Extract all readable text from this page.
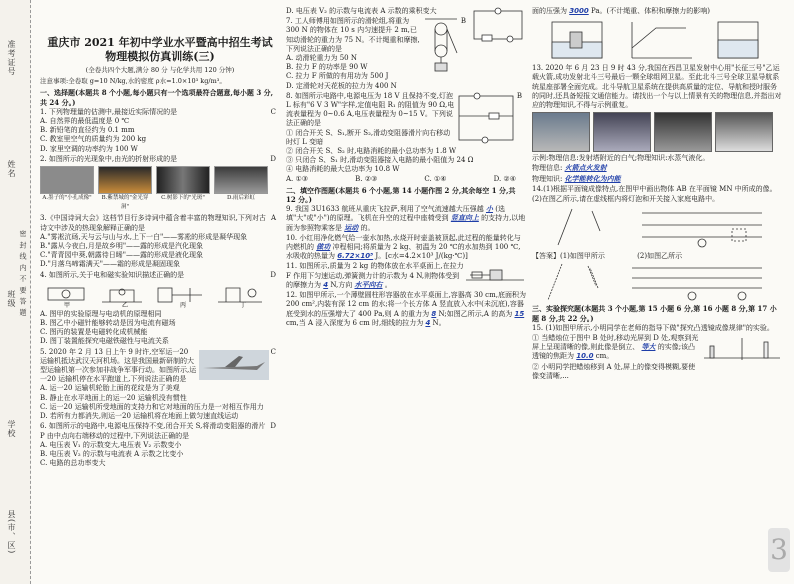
准考证号
姓名
班级
学校
县(市、区)
密 封 线 内 不 要 答 题
重庆市 2021 年初中学业水平暨高中招生考试
物理模拟仿真训练(三)
(全卷共四个大题,满分 80 分 与化学共用 120 分钟)
注意事项:全卷取 g=10 N/kg,水的密度 ρ水=1.0×10³ kg/m³。
一、选择题(本题共 8 个小题,每小题只有一个选项最符合题意,每小题 3 分,共 24 分。)
C
1. 下列物理量的估测中,最接近实际情况的是
A. 自然界的最低温度是 0 ℃
B. 新铅笔的直径约为 0.1 mm
C. 教室里空气的质量约为 200 kg
D. 家里空调的功率约为 100 W
D
2. 如图所示的光现象中,由光的折射形成的是
A.墨子的"小孔成像"	B.紫禁城的"金光穿洞"
C.树影下的"光斑"	D.雨后彩虹
A
3.《中国诗词大会》这档节目行多诗词中蕴含着丰富的物理知识,下列对古诗文中涉及的热现象解释正确的是
A."雾凇沆砀,天与云与山与水,上下一白"——雾凇的形成是凝华现象
B."露从今夜白,月是故乡明"——露的形成是汽化现象
C."青青园中葵,朝露待日晞"——露的形成是液化现象
D."月落乌啼霜满天"——霜的形成是凝固现象
D
4. 如图所示,关于电和磁实验知识描述正确的是
甲	乙	丙	丁
A. 图甲的实验原理与电动机的原理相同
B. 图乙中小磁针能够转动是因为电流有磁场
C. 图丙的装置是电磁转化成机械能
D. 图丁装置能探究电磁铁磁性与电流关系
C
5. 2020 年 2 月 13 日上午 9 时许,空军运一20 运输机抵达武汉天河机场。这是我国最新研制的大型运输机第一次参加非战争军事行动。如图所示,运一20 运输机停在水平跑道上,下列说法正确的是
A. 运一20 运输机轮胎上面的花纹是为了美观
B. 静止在水平地面上的运一20 运输机没有惯性
C. 运一20 运输机所受地面的支持力和它对地面的压力是一对相互作用力
D. 若所有力都消失,则运一20 运输机将在地面上做匀速直线运动
D
6. 如图所示的电路中,电源电压保持不变,闭合开关 S,将滑动变阻器的滑片 P 由中点向右端移动的过程中,下列说法正确的是
A. 电压表 V₁ 的示数变大,电压表 V₂ 示数变小
B. 电压表 V₂ 的示数与电流表 A 示数之比变小
C. 电路的总功率变大
D. 电压表 V₂ 的示数与电流表 A 示数的乘积变大
B
7. 工人师傅用如图所示的滑轮组,将重为 300 N 的物体在 10 s 内匀速提升 2 m,已知动滑轮的重力为 75 N。不计绳重和摩擦,下列说法正确的是
A. 动滑轮重力为 50 N
B. 拉力 F 的功率是 90 W
C. 拉力 F 所做的有用功为 500 J
D. 定滑轮对天花板的拉力为 400 N
B
8. 如图所示电路中,电源电压为 18 V 且保持不变,灯泡 L 标有"6 V 3 W"字样,定值电阻 R₁ 的阻值为 90 Ω,电流表量程为 0~0.6 A,电压表量程为 0~15 V。下列说法正确的是
① 闭合开关 S、S₁,断开 S₂,滑动变阻器滑片向右移动时灯 L 变暗
② 闭合开关 S、S₂ 时,电路消耗的最小总功率为 1.8 W
③ 只闭合 S、S₁ 时,滑动变阻器接入电路的最小阻值为 24 Ω
④ 电路消耗的最大总功率为 10.8 W
A. ①③	B. ②③	C. ①④	D. ②④
二、填空作图题(本题共 6 个小题,第 14 小题作图 2 分,其余每空 1 分,共 12 分。)
9. 我国 3U1633 航班从重庆飞拉萨,利用了空气流速越大压强越 小 (选填"大"或"小")的原理。飞机在升空的过程中座椅受到 竖直向上 的支持力,以地面为参照物乘客是 运动 的。
10. 小红用净化燃气给一壶水加热,水烧开时壶盖被顶起,此过程的能量转化与内燃机的 做功 冲程相同;将质量为 2 kg、初温为 20 ℃的水加热到 100 ℃,水吸收的热量为 6.72×10⁵ J。[c水=4.2×10³ J/(kg·℃)]
11. 如图所示,质量为 2 kg 的物体放在水平桌面上,在拉力 F 作用下匀速运动,弹簧测力计的示数为 4 N,则物体受到的摩擦力为 4 N,方向 水平向右 。
12. 如图甲所示,一个薄壁圆柱形容器放在水平桌面上,容器高 30 cm,底面积为 200 cm²,内装有深 12 cm 的水;将一个长方体 A 竖直放入水中(未沉底),容器底受到水的压强增大了 400 Pa,则 A 的重力为 8 N;如图乙所示,A 的高为 15 cm,当 A 浸入深度为 6 cm 时,细线的拉力为 4 N。
面的压强为 3000 Pa。(不计绳重、体积和摩擦力的影响)
13. 2020 年 6 月 23 日 9 时 43 分,我国在西昌卫星发射中心用"长征三号"乙运载火箭,成功发射北斗三号最后一颗全球组网卫星。至此北斗三号全球卫星导航系统星座部署全面完成。北斗导航卫星系统在提供高质量的定位、导航和授时服务的同时,还具备短报文通信能力。请找出一个与以上情景有关的物理信息,并指出对应的物理知识,不得与示例重复。
示例:物理信息:发射塔附近的白气;物理知识:水蒸气液化。
物理信息: 火箭点火发射
物理知识: 化学能转化为内能
14.(1)根据平面镜成像特点,在图甲中画出物体 AB 在平面镜 MN 中所成的像。
(2)在图乙所示,请在虚线框内将灯泡和开关接入家庭电路中。
【答案】(1)如图甲所示	(2)如图乙所示
三、实验探究题(本题共 3 个小题,第 15 小题 6 分,第 16 小题 8 分,第 17 小题 8 分,共 22 分。)
15. (1)如图甲所示,小明同学在老师的指导下做"探究凸透镜成像规律"的实验。
① 当蜡烛位于图中 B 处时,移动光屏到 D 处,观察到光屏上呈现清晰的像,则此像是倒立、 等大 的实像;该凸透镜的焦距为 10.0 cm。
② 小明同学把蜡烛移到 A 处,屏上的像变得模糊,要使像变清晰,...
3
